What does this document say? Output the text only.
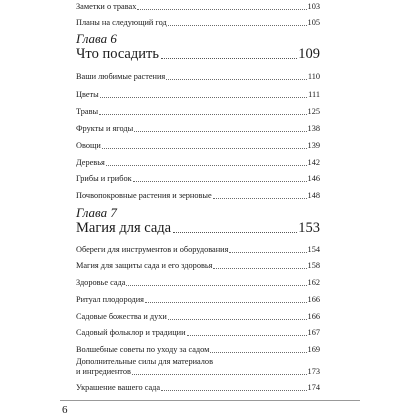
Заметки о травах	103
Планы на следующий год	105
Глава 6
Что посадить	109
Ваши любимые растения	110
Цветы	111
Травы	125
Фрукты и ягоды	138
Овощи	139
Деревья	142
Грибы и грибок	146
Почвопокровные растения и зерновые	148
Глава 7
Магия для сада	153
Обереги для инструментов и оборудования	154
Магия для защиты сада и его здоровья	158
Здоровье сада	162
Ритуал плодородия	166
Садовые божества и духи	166
Садовый фольклор и традиции	167
Волшебные советы по уходу за садом	169
Дополнительные силы для материалов
и ингредиентов	173
Украшение вашего сада	174
6
